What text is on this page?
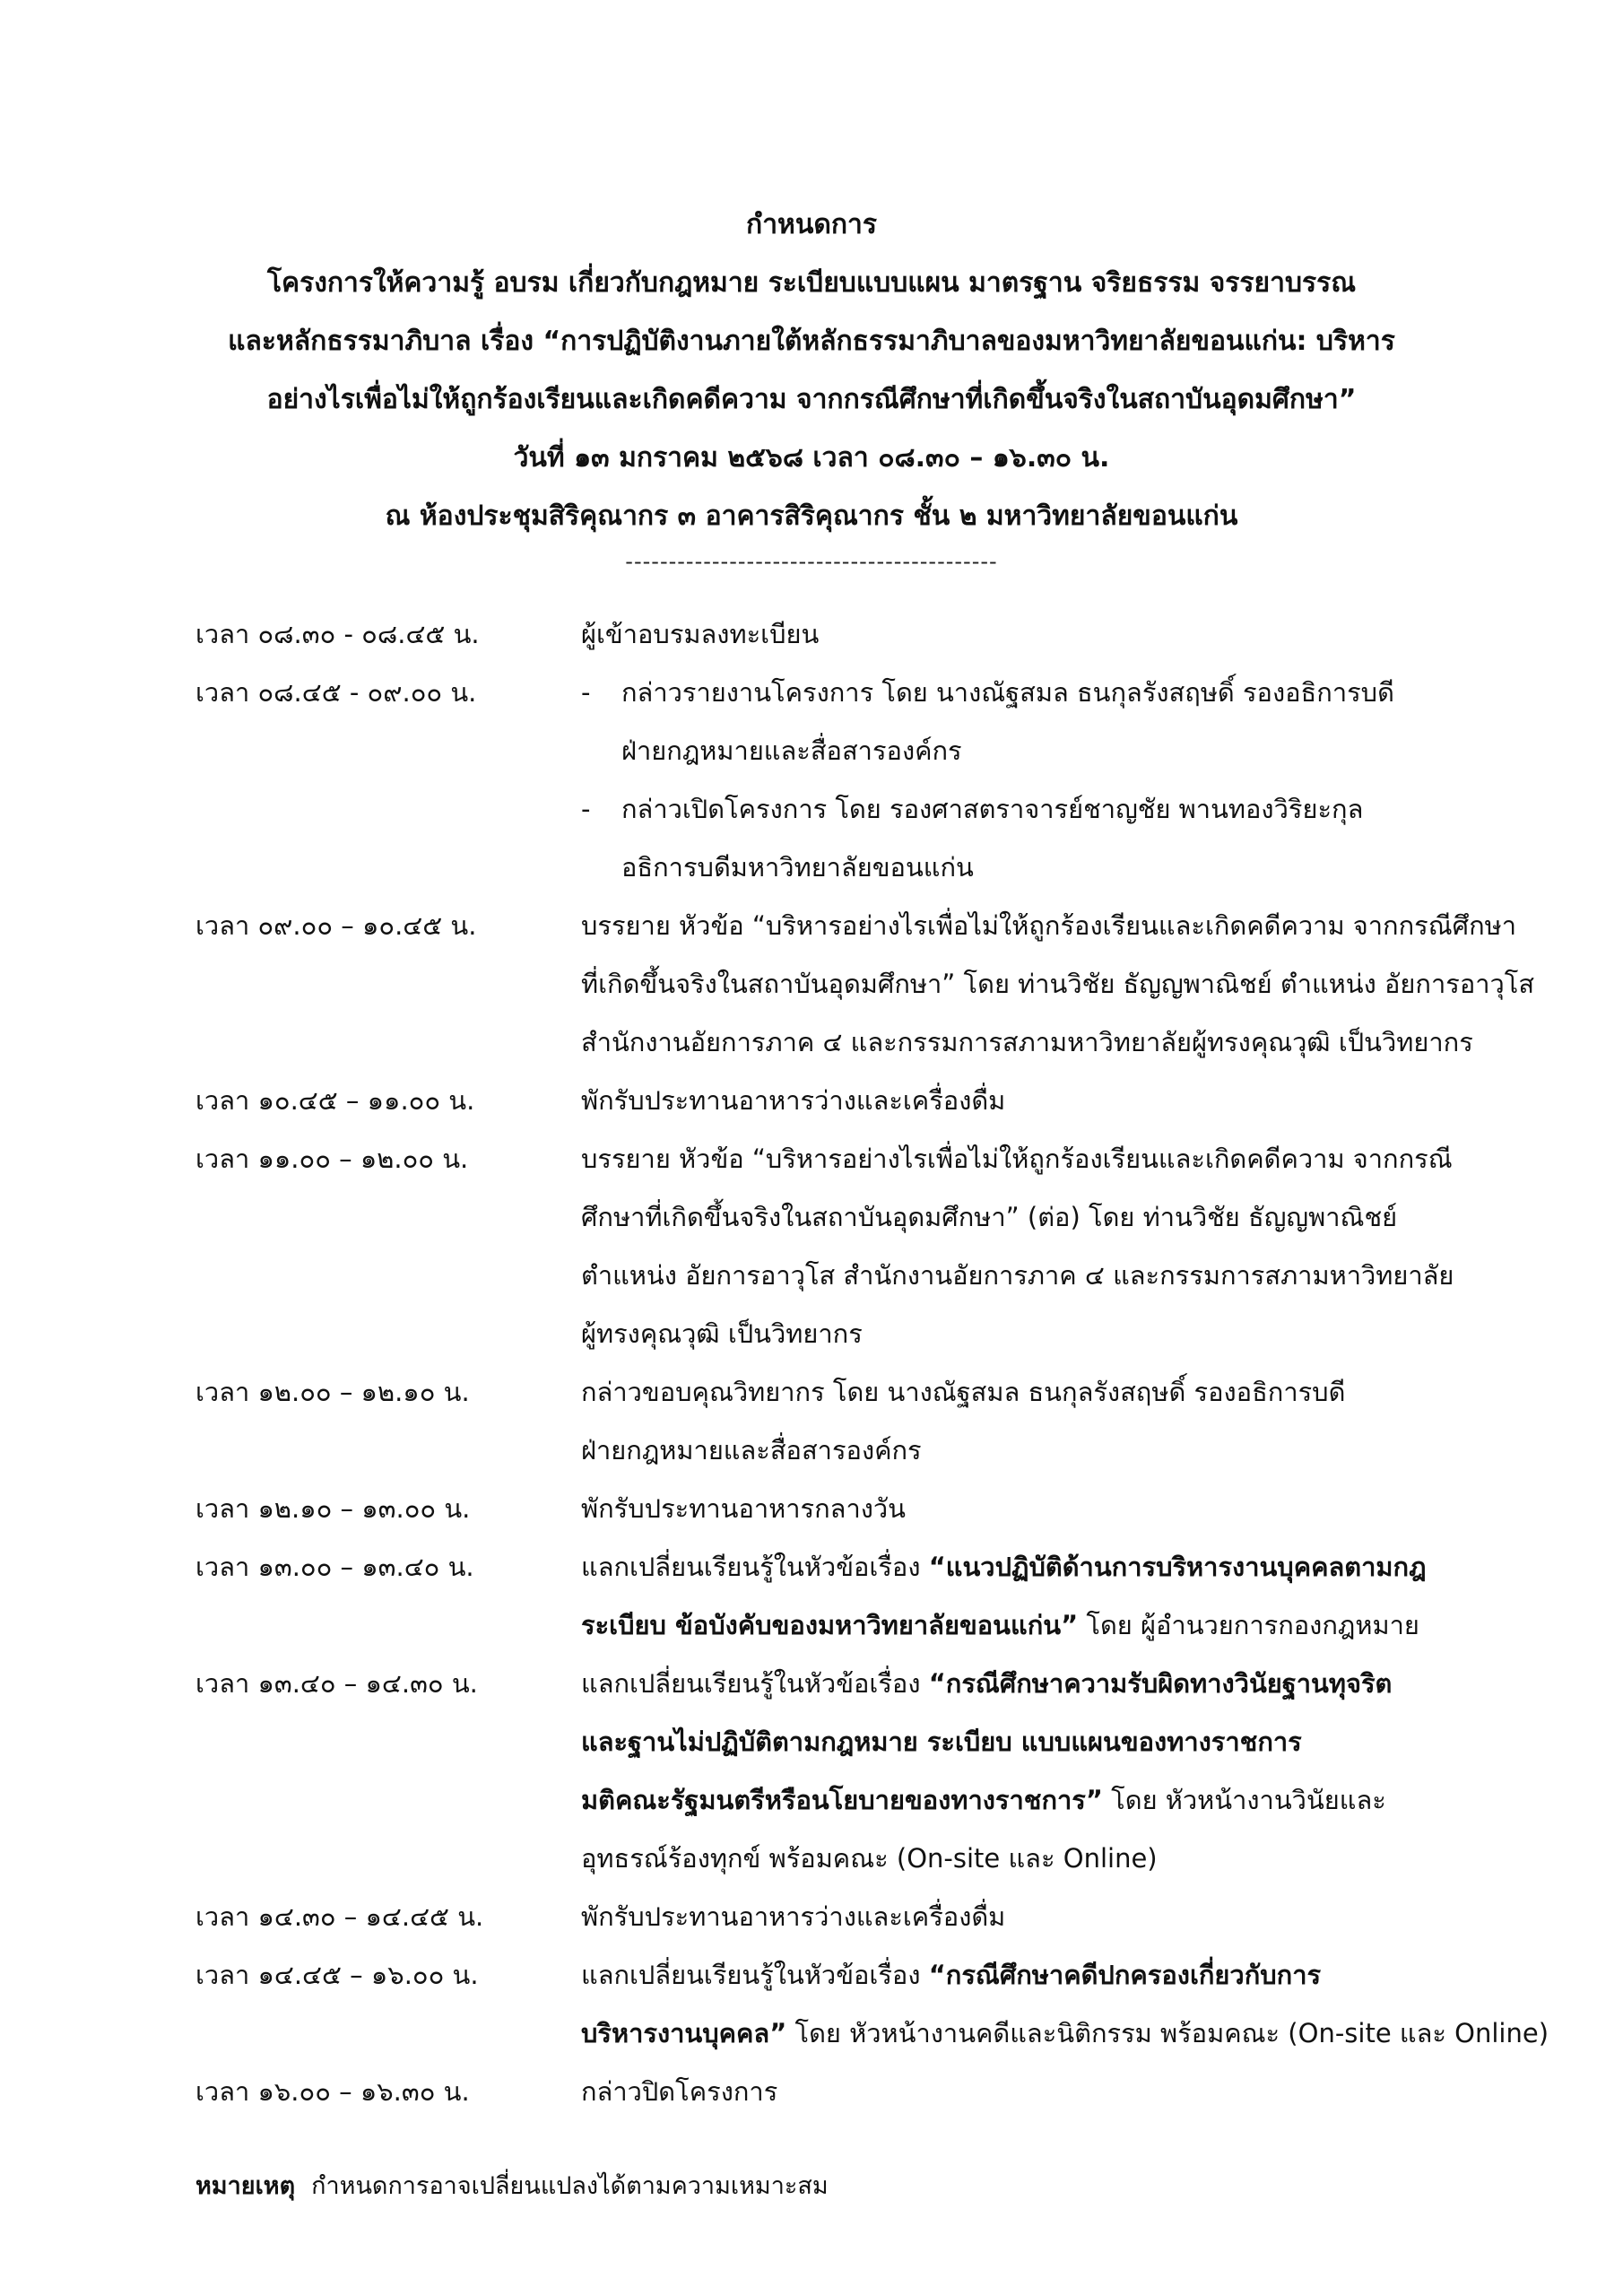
กำหนดการ
โครงการให้ความรู้ อบรม เกี่ยวกับกฎหมาย ระเบียบแบบแผน มาตรฐาน จริยธรรม จรรยาบรรณ
และหลักธรรมาภิบาล เรื่อง “การปฏิบัติงานภายใต้หลักธรรมาภิบาลของมหาวิทยาลัยขอนแก่น: บริหาร
อย่างไรเพื่อไม่ให้ถูกร้องเรียนและเกิดคดีความ จากกรณีศึกษาที่เกิดขึ้นจริงในสถาบันอุดมศึกษา”
วันที่ ๑๓ มกราคม ๒๕๖๘ เวลา ๐๘.๓๐ – ๑๖.๓๐ น.
ณ ห้องประชุมสิริคุณากร ๓ อาคารสิริคุณากร ชั้น ๒ มหาวิทยาลัยขอนแก่น
-------------------------------------------
เวลา ๐๘.๓๐ - ๐๘.๔๕ น.	ผู้เข้าอบรมลงทะเบียน
เวลา ๐๘.๔๕ - ๐๙.๐๐ น.	-	กล่าวรายงานโครงการ โดย นางณัฐสมล ธนกุลรังสฤษดิ์ รองอธิการบดี
ฝ่ายกฎหมายและสื่อสารองค์กร
-	กล่าวเปิดโครงการ โดย รองศาสตราจารย์ชาญชัย พานทองวิริยะกุล
อธิการบดีมหาวิทยาลัยขอนแก่น
เวลา ๐๙.๐๐ – ๑๐.๔๕ น.	บรรยาย หัวข้อ “บริหารอย่างไรเพื่อไม่ให้ถูกร้องเรียนและเกิดคดีความ จากกรณีศึกษา
ที่เกิดขึ้นจริงในสถาบันอุดมศึกษา” โดย ท่านวิชัย ธัญญพาณิชย์ ตำแหน่ง อัยการอาวุโส
สำนักงานอัยการภาค ๔ และกรรมการสภามหาวิทยาลัยผู้ทรงคุณวุฒิ เป็นวิทยากร
เวลา ๑๐.๔๕ – ๑๑.๐๐ น.	พักรับประทานอาหารว่างและเครื่องดื่ม
เวลา ๑๑.๐๐ – ๑๒.๐๐ น.	บรรยาย หัวข้อ “บริหารอย่างไรเพื่อไม่ให้ถูกร้องเรียนและเกิดคดีความ จากกรณี
ศึกษาที่เกิดขึ้นจริงในสถาบันอุดมศึกษา” (ต่อ) โดย ท่านวิชัย ธัญญพาณิชย์
ตำแหน่ง อัยการอาวุโส สำนักงานอัยการภาค ๔ และกรรมการสภามหาวิทยาลัย
ผู้ทรงคุณวุฒิ เป็นวิทยากร
เวลา ๑๒.๐๐ – ๑๒.๑๐ น.	กล่าวขอบคุณวิทยากร โดย นางณัฐสมล ธนกุลรังสฤษดิ์ รองอธิการบดี
ฝ่ายกฎหมายและสื่อสารองค์กร
เวลา ๑๒.๑๐ – ๑๓.๐๐ น.	พักรับประทานอาหารกลางวัน
เวลา ๑๓.๐๐ – ๑๓.๔๐ น.	แลกเปลี่ยนเรียนรู้ในหัวข้อเรื่อง “แนวปฏิบัติด้านการบริหารงานบุคคลตามกฎ
ระเบียบ ข้อบังคับของมหาวิทยาลัยขอนแก่น” โดย ผู้อำนวยการกองกฎหมาย
เวลา ๑๓.๔๐ – ๑๔.๓๐ น.	แลกเปลี่ยนเรียนรู้ในหัวข้อเรื่อง “กรณีศึกษาความรับผิดทางวินัยฐานทุจริต
และฐานไม่ปฏิบัติตามกฎหมาย ระเบียบ แบบแผนของทางราชการ
มติคณะรัฐมนตรีหรือนโยบายของทางราชการ” โดย หัวหน้างานวินัยและ
อุทธรณ์ร้องทุกข์ พร้อมคณะ (On-site และ Online)
เวลา ๑๔.๓๐ – ๑๔.๔๕ น.	พักรับประทานอาหารว่างและเครื่องดื่ม
เวลา ๑๔.๔๕ – ๑๖.๐๐ น.	แลกเปลี่ยนเรียนรู้ในหัวข้อเรื่อง “กรณีศึกษาคดีปกครองเกี่ยวกับการ
บริหารงานบุคคล” โดย หัวหน้างานคดีและนิติกรรม พร้อมคณะ (On-site และ Online)
เวลา ๑๖.๐๐ – ๑๖.๓๐ น.	กล่าวปิดโครงการ
หมายเหตุ กำหนดการอาจเปลี่ยนแปลงได้ตามความเหมาะสม
